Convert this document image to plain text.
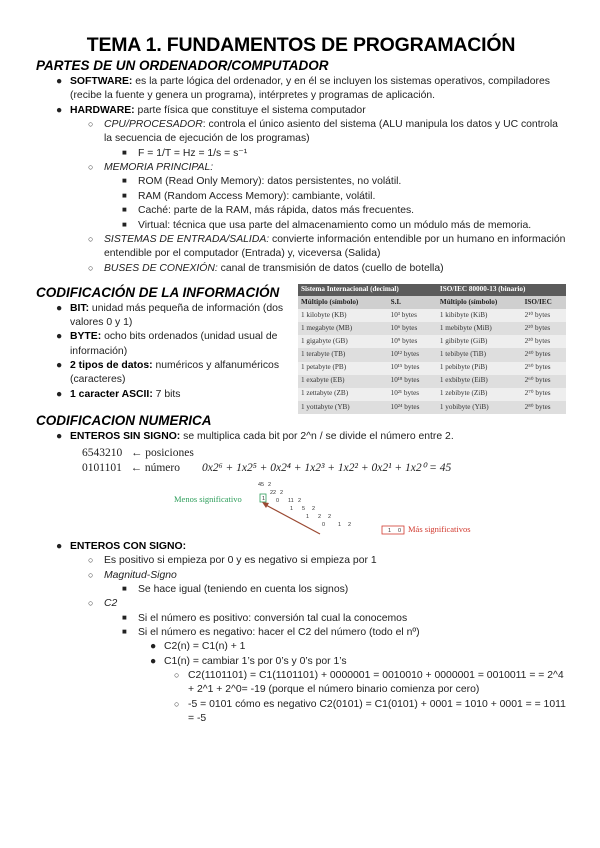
TEMA 1. FUNDAMENTOS DE PROGRAMACIÓN
PARTES DE UN ORDENADOR/COMPUTADOR
● SOFTWARE: es la parte lógica del ordenador, y en él se incluyen los sistemas operativos, compiladores (recibe la fuente y genera un programa), intérpretes y programas de aplicación.
● HARDWARE: parte física que constituye el sistema computador
○ CPU/PROCESADOR: controla el único asiento del sistema (ALU manipula los datos y UC controla la secuencia de ejecución de los programas)
■ F = 1/T = Hz = 1/s = s⁻¹
○ MEMORIA PRINCIPAL:
■ ROM (Read Only Memory): datos persistentes, no volátil.
■ RAM (Random Access Memory): cambiante, volátil.
■ Caché: parte de la RAM, más rápida, datos más frecuentes.
■ Virtual: técnica que usa parte del almacenamiento como un módulo más de memoria.
○ SISTEMAS DE ENTRADA/SALIDA: convierte información entendible por un humano en información entendible por el computador (Entrada) y, viceversa (Salida)
○ BUSES DE CONEXIÓN: canal de transmisión de datos (cuello de botella)
CODIFICACIÓN DE LA INFORMACIÓN
● BIT: unidad más pequeña de información (dos valores 0 y 1)
● BYTE: ocho bits ordenados (unidad usual de información)
● 2 tipos de datos: numéricos y alfanuméricos (caracteres)
● 1 caracter ASCII: 7 bits
Sistema Internacional (decimal)		ISO/IEC 80000-13 (binario)	
Múltiplo (símbolo)	S.I.	Múltiplo (símbolo)	ISO/IEC
1 kilobyte (KB)	10³ bytes	1 kibibyte (KiB)	2¹⁰ bytes
1 megabyte (MB)	10⁶ bytes	1 mebibyte (MiB)	2²⁰ bytes
1 gigabyte (GB)	10⁹ bytes	1 gibibyte (GiB)	2³⁰ bytes
1 terabyte (TB)	10¹² bytes	1 tebibyte (TiB)	2⁴⁰ bytes
1 petabyte (PB)	10¹⁵ bytes	1 pebibyte (PiB)	2⁵⁰ bytes
1 exabyte (EB)	10¹⁸ bytes	1 exbibyte (EiB)	2⁶⁰ bytes
1 zettabyte (ZB)	10²¹ bytes	1 zebibyte (ZiB)	2⁷⁰ bytes
1 yottabyte (YB)	10²⁴ bytes	1 yobibyte (YiB)	2⁸⁰ bytes
CODIFICACION NUMERICA
● ENTEROS SIN SIGNO: se multiplica cada bit por 2^n / se divide el número entre 2.
6543210 ← posiciones
0101101 ← número 0x2⁶ + 1x2⁵ + 0x2⁴ + 1x2³ + 1x2² + 0x2¹ + 1x2⁰ = 45
45 2
1
22 2
0 11 2
1 5 2
1 2 2
0 1 2
1 0
Menos significativo
Más significativos
● ENTEROS CON SIGNO:
○ Es positivo si empieza por 0 y es negativo si empieza por 1
○ Magnitud-Signo
■ Se hace igual (teniendo en cuenta los signos)
○ C2
■ Si el número es positivo: conversión tal cual la conocemos
■ Si el número es negativo: hacer el C2 del número (todo el nº)
● C2(n) = C1(n) + 1
● C1(n) = cambiar 1’s por 0’s y 0’s por 1’s
○ C2(1101101) = C1(1101101) + 0000001 = 0010010 + 0000001 = 0010011 = = 2^4 + 2^1 + 2^0= -19 (porque el número binario comienza por cero)
○ -5 = 0101 cómo es negativo C2(0101) = C1(0101) + 0001 = 1010 + 0001 = = 1011 = -5
